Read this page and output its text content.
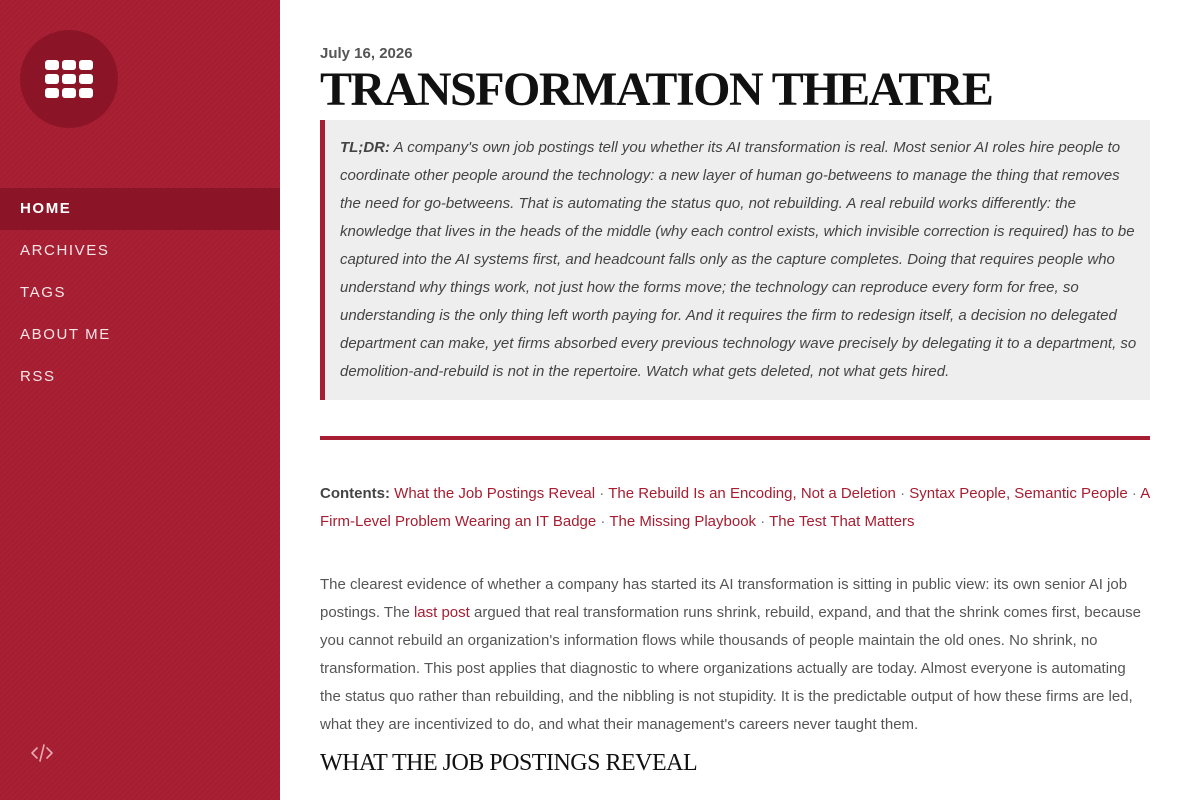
HOME
ARCHIVES
TAGS
ABOUT ME
RSS
July 16, 2026
TRANSFORMATION THEATRE
TL;DR: A company's own job postings tell you whether its AI transformation is real. Most senior AI roles hire people to coordinate other people around the technology: a new layer of human go-betweens to manage the thing that removes the need for go-betweens. That is automating the status quo, not rebuilding. A real rebuild works differently: the knowledge that lives in the heads of the middle (why each control exists, which invisible correction is required) has to be captured into the AI systems first, and headcount falls only as the capture completes. Doing that requires people who understand why things work, not just how the forms move; the technology can reproduce every form for free, so understanding is the only thing left worth paying for. And it requires the firm to redesign itself, a decision no delegated department can make, yet firms absorbed every previous technology wave precisely by delegating it to a department, so demolition-and-rebuild is not in the repertoire. Watch what gets deleted, not what gets hired.
Contents: What the Job Postings Reveal · The Rebuild Is an Encoding, Not a Deletion · Syntax People, Semantic People · A Firm-Level Problem Wearing an IT Badge · The Missing Playbook · The Test That Matters

The clearest evidence of whether a company has started its AI transformation is sitting in public view: its own senior AI job postings. The last post argued that real transformation runs shrink, rebuild, expand, and that the shrink comes first, because you cannot rebuild an organization's information flows while thousands of people maintain the old ones. No shrink, no transformation. This post applies that diagnostic to where organizations actually are today. Almost everyone is automating the status quo rather than rebuilding, and the nibbling is not stupidity. It is the predictable output of how these firms are led, what they are incentivized to do, and what their management's careers never taught them.

WHAT THE JOB POSTINGS REVEAL
